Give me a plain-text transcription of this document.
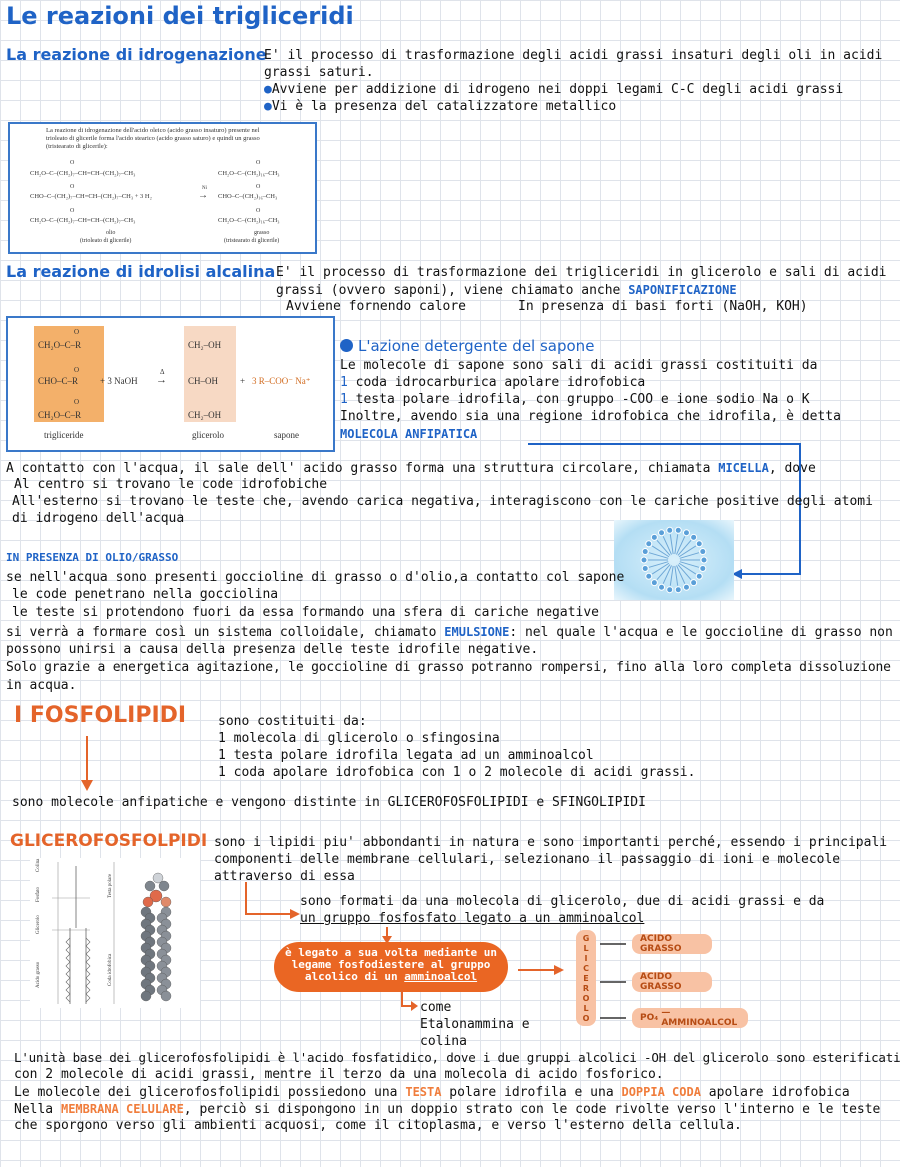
Le reazioni dei trigliceridi
La reazione di idrogenazione
E' il processo di trasformazione degli acidi grassi insaturi degli oli in acidi
grassi saturi.
●Avviene per addizione di idrogeno nei doppi legami C-C degli acidi grassi
●Vi è la presenza del catalizzatore metallico
La reazione di idrogenazione dell'acido oleico (acido grasso insaturo) presente nel
trioleato di glicerile forma l'acido stearico (acido grasso saturo) e quindi un grasso
(tristearato di glicerile):
O
CH₂O–C–(CH₂)₇–CH=CH–(CH₂)₇–CH₃
O
CHO–C–(CH₂)₇–CH=CH–(CH₂)₇–CH₃ + 3 H₂
O
CH₂O–C–(CH₂)₇–CH=CH–(CH₂)₇–CH₃
Ni
→
O
CH₂O–C–(CH₂)₁₆–CH₃
O
CHO–C–(CH₂)₁₆–CH₃
O
CH₂O–C–(CH₂)₁₆–CH₃
olio
(trioleato di glicerile)
grasso
(tristearato di glicerile)
La reazione di idrolisi alcalina E' il processo di trasformazione dei trigliceridi in glicerolo e sali di acidi
grassi (ovvero saponi), viene chiamato anche SAPONIFICAZIONE
Avviene fornendo calore	In presenza di basi forti (NaOH, KOH)
O
CH₂O–C–R
O
CHO–C–R
O
CH₂O–C–R
+ 3 NaOH
Δ
→
CH₂–OH
CH–OH
CH₂–OH
+ 3 R–COO⁻ Na⁺
trigliceride	glicerolo	sapone
L'azione detergente del sapone
Le molecole di sapone sono sali di acidi grassi costituiti da
1 coda idrocarburica apolare idrofobica
1 testa polare idrofila, con gruppo -COO e ione sodio Na o K
Inoltre, avendo sia una regione idrofobica che idrofila, è detta
MOLECOLA ANFIPATICA
A contatto con l'acqua, il sale dell' acido grasso forma una struttura circolare, chiamata MICELLA, dove
Al centro si trovano le code idrofobiche
All'esterno si trovano le teste che, avendo carica negativa, interagiscono con le cariche positive degli atomi
di idrogeno dell'acqua
IN PRESENZA DI OLIO/GRASSO
se nell'acqua sono presenti goccioline di grasso o d'olio,a contatto col sapone
le code penetrano nella gocciolina
le teste si protendono fuori da essa formando una sfera di cariche negative
si verrà a formare così un sistema colloidale, chiamato EMULSIONE: nel quale l'acqua e le goccioline di grasso non
possono unirsi a causa della presenza delle teste idrofile negative.
Solo grazie a energetica agitazione, le goccioline di grasso potranno rompersi, fino alla loro completa dissoluzione
in acqua.
I FOSFOLIPIDI sono costituiti da:
1 molecola di glicerolo o sfingosina
1 testa polare idrofila legata ad un amminoalcol
1 coda apolare idrofobica con 1 o 2 molecole di acidi grassi.
sono molecole anfipatiche e vengono distinte in GLICEROFOSFOLIPIDI e SFINGOLIPIDI
GLICEROFOSFOLPIDI sono i lipidi piu' abbondanti in natura e sono importanti perché, essendo i principali
componenti delle membrane cellulari, selezionano il passaggio di ioni e molecole
attraverso di essa
Colina
Fosfato
Glicerolo
Acido grasso
Testa polare
Coda idrofobica
sono formati da una molecola di glicerolo, due di acidi grassi e da
un gruppo fosfosfato legato a un amminoalcol
è legato a sua volta mediante un
legame fosfodiestere al gruppo
alcolico di un amminoalcol
come
Etalonammina e
colina
G
L
I
C
E
R
O
L
O
ACIDO GRASSO
ACIDO GRASSO
PO₄
— AMMINOALCOL
L'unità base dei glicerofosfolipidi è l'acido fosfatidico, dove i due gruppi alcolici -OH del glicerolo sono esterificati
con 2 molecole di acidi grassi, mentre il terzo da una molecola di acido fosforico.
Le molecole dei glicerofosfolipidi possiedono una TESTA polare idrofila e una DOPPIA CODA apolare idrofobica
Nella MEMBRANA CELULARE, perciò si dispongono in un doppio strato con le code rivolte verso l'interno e le teste
che sporgono verso gli ambienti acquosi, come il citoplasma, e verso l'esterno della cellula.
